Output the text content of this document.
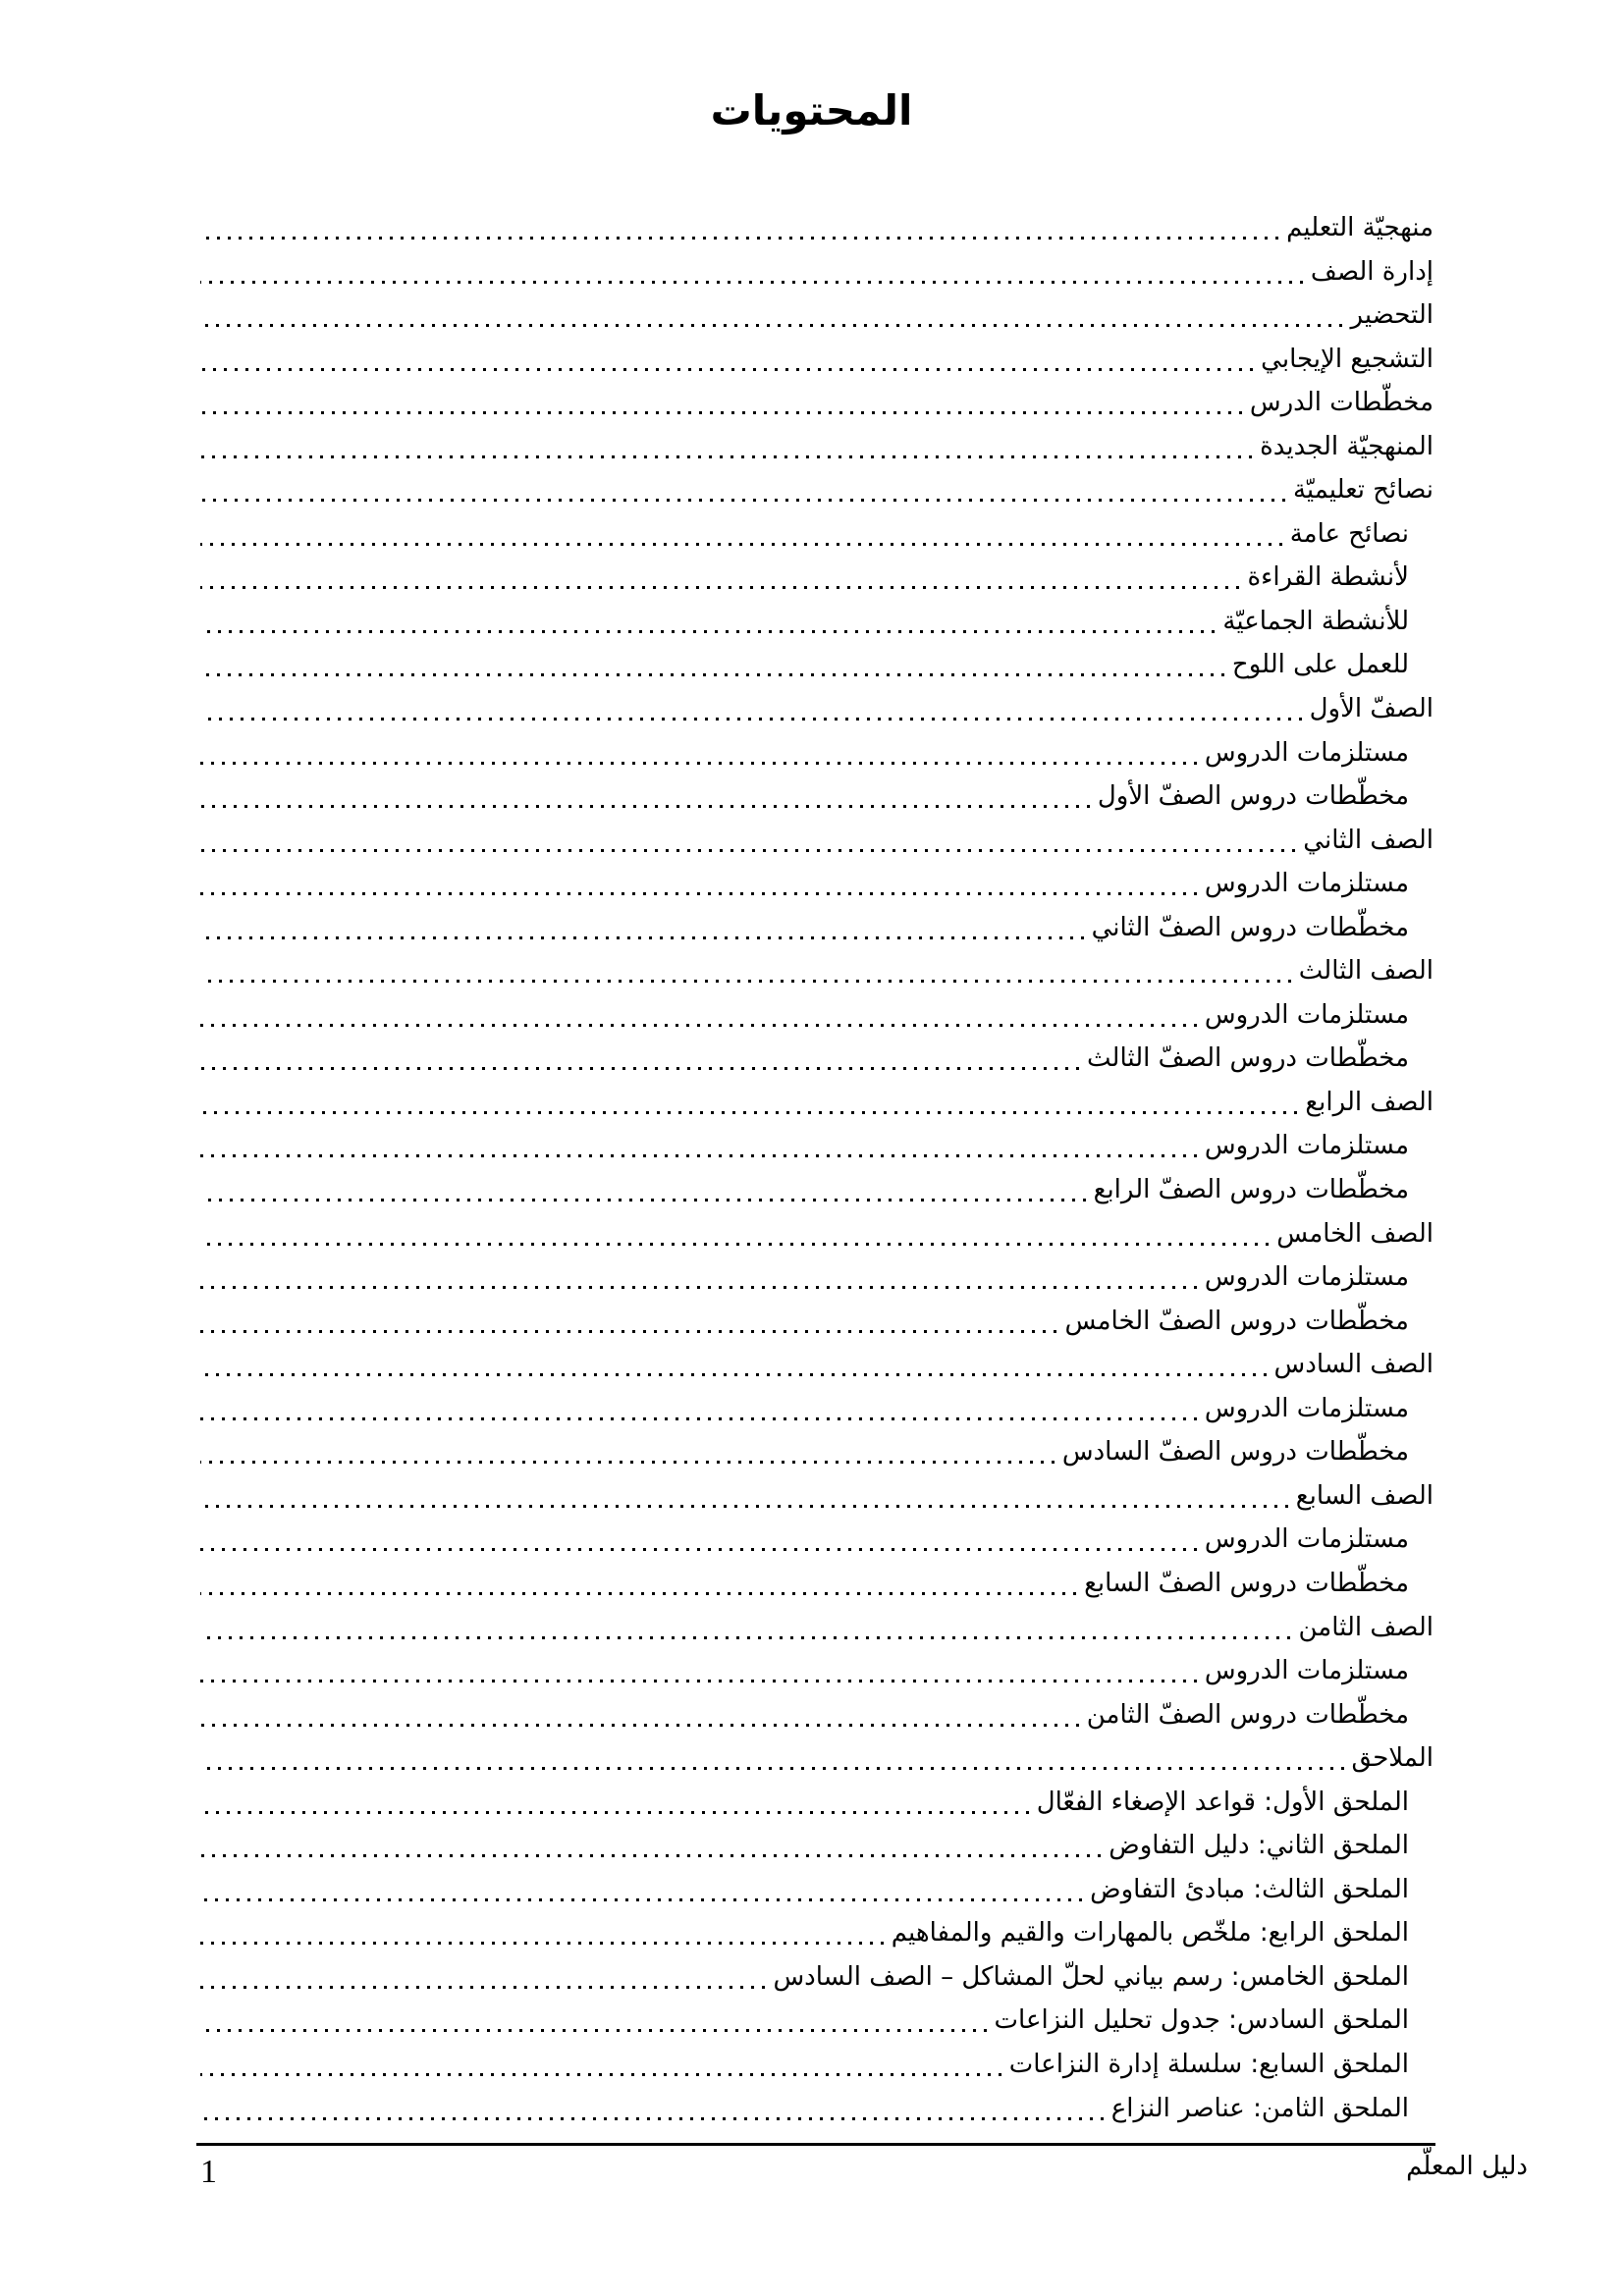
المحتويات
منهجيّة التعليم
إدارة الصف
التحضير
التشجيع الإيجابي
مخطّطات الدرس
المنهجيّة الجديدة
نصائح تعليميّة
نصائح عامة
لأنشطة القراءة
للأنشطة الجماعيّة
للعمل على اللوح
الصفّ الأول
مستلزمات الدروس
مخطّطات دروس الصفّ الأول
الصف الثاني
مستلزمات الدروس
مخطّطات دروس الصفّ الثاني
الصف الثالث
مستلزمات الدروس
مخطّطات دروس الصفّ الثالث
الصف الرابع
مستلزمات الدروس
مخطّطات دروس الصفّ الرابع
الصف الخامس
مستلزمات الدروس
مخطّطات دروس الصفّ الخامس
الصف السادس
مستلزمات الدروس
مخطّطات دروس الصفّ السادس
الصف السابع
مستلزمات الدروس
مخطّطات دروس الصفّ السابع
الصف الثامن
مستلزمات الدروس
مخطّطات دروس الصفّ الثامن
الملاحق
الملحق الأول: قواعد الإصغاء الفعّال
الملحق الثاني: دليل التفاوض
الملحق الثالث: مبادئ التفاوض
الملحق الرابع: ملخّص بالمهارات والقيم والمفاهيم
الملحق الخامس: رسم بياني لحلّ المشاكل – الصف السادس
الملحق السادس: جدول تحليل النزاعات
الملحق السابع: سلسلة إدارة النزاعات
الملحق الثامن: عناصر النزاع
دليل المعلّم
1
